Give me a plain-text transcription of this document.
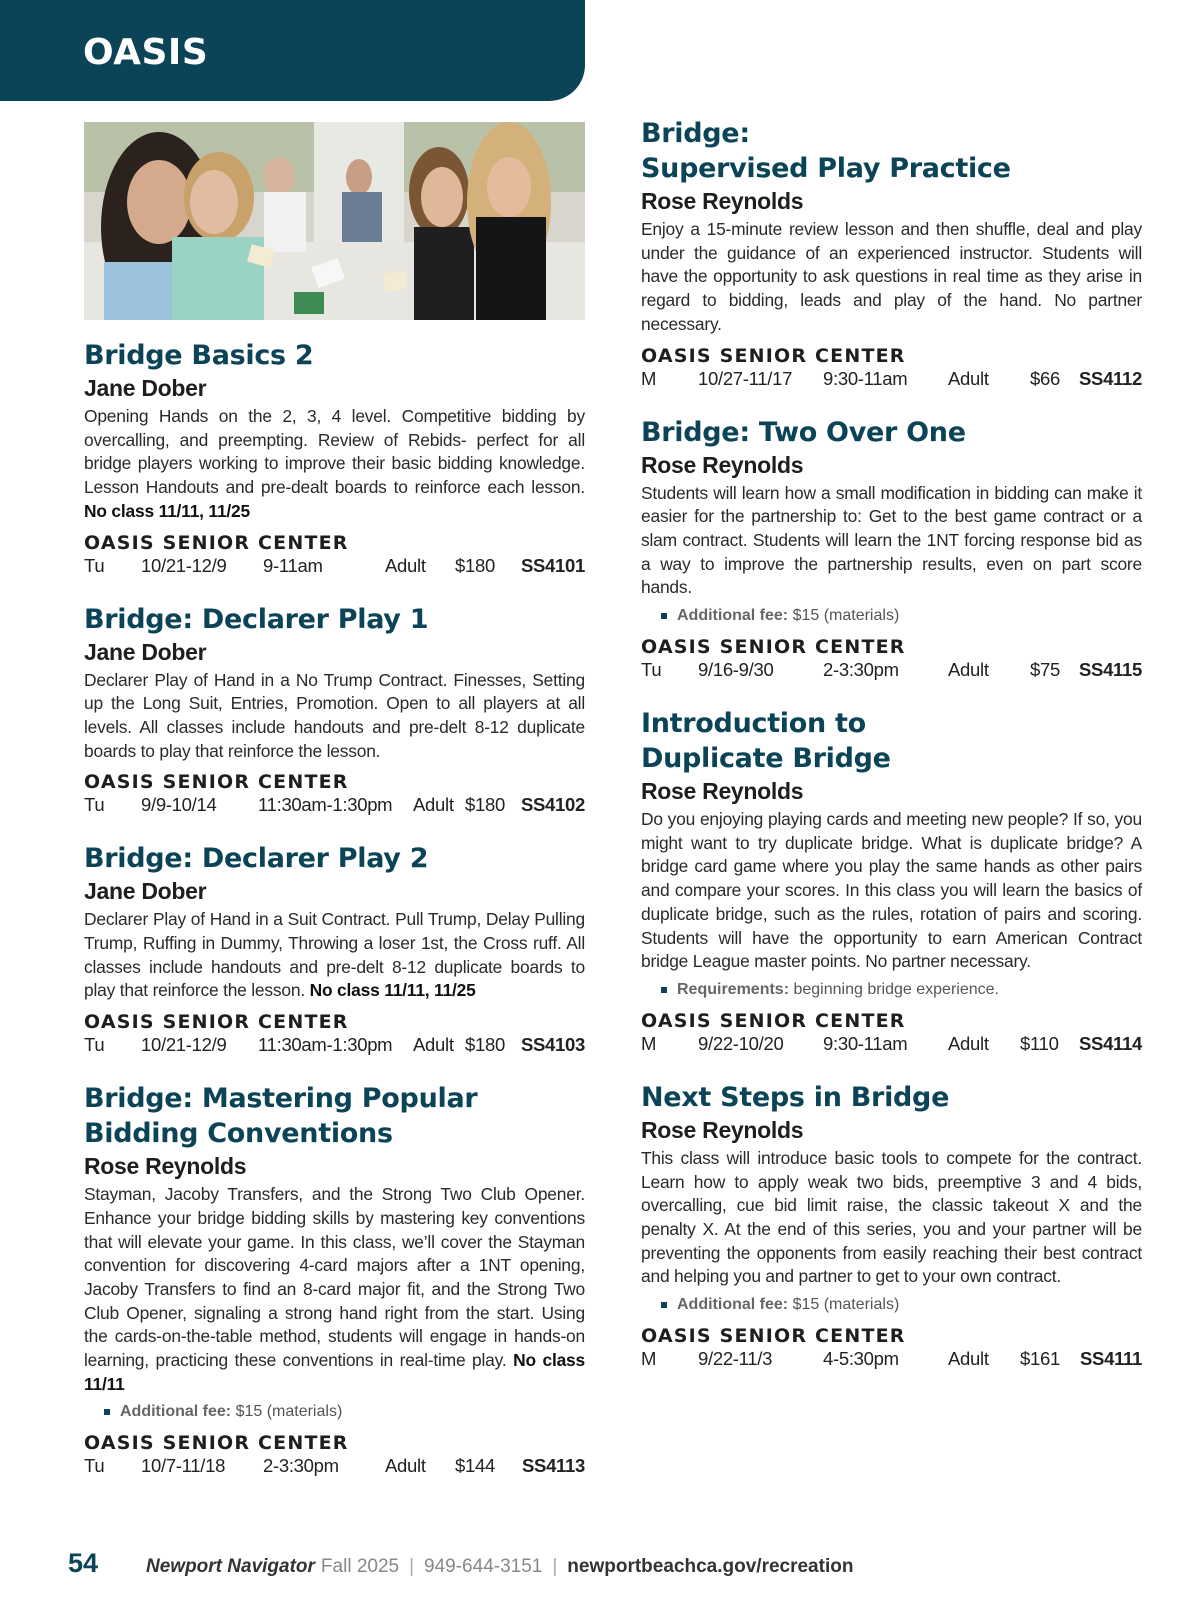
OASIS
Bridge Basics 2
Jane Dober

Opening Hands on the 2, 3, 4 level. Competitive bidding by overcalling, and preempting. Review of Rebids- perfect for all bridge players working to improve their basic bidding knowledge. Lesson Handouts and pre-dealt boards to reinforce each lesson. No class 11/11, 11/25

OASIS SENIOR CENTER
Tu	10/21-12/9	9-11am	Adult	$180	SS4101
Bridge: Declarer Play 1
Jane Dober

Declarer Play of Hand in a No Trump Contract. Finesses, Setting up the Long Suit, Entries, Promotion. Open to all players at all levels. All classes include handouts and pre-delt 8-12 duplicate boards to play that reinforce the lesson.

OASIS SENIOR CENTER
Tu	9/9-10/14	11:30am-1:30pm	Adult $180 SS4102
Bridge: Declarer Play 2
Jane Dober

Declarer Play of Hand in a Suit Contract. Pull Trump, Delay Pulling Trump, Ruffing in Dummy, Throwing a loser 1st, the Cross ruff. All classes include handouts and pre-delt 8-12 duplicate boards to play that reinforce the lesson. No class 11/11, 11/25

OASIS SENIOR CENTER
Tu	10/21-12/9	11:30am-1:30pm	Adult $180 SS4103
Bridge: Mastering Popular Bidding Conventions
Rose Reynolds

Stayman, Jacoby Transfers, and the Strong Two Club Opener. Enhance your bridge bidding skills by mastering key conventions that will elevate your game. In this class, we’ll cover the Stayman convention for discovering 4-card majors after a 1NT opening, Jacoby Transfers to find an 8-card major fit, and the Strong Two Club Opener, signaling a strong hand right from the start. Using the cards-on-the-table method, students will engage in hands-on learning, practicing these conventions in real-time play. No class 11/11

Additional fee: $15 (materials)
OASIS SENIOR CENTER
Tu	10/7-11/18	2-3:30pm	Adult	$144	SS4113
Bridge:
Supervised Play Practice
Rose Reynolds

Enjoy a 15-minute review lesson and then shuffle, deal and play under the guidance of an experienced instructor. Students will have the opportunity to ask questions in real time as they arise in regard to bidding, leads and play of the hand. No partner necessary.

OASIS SENIOR CENTER
M	10/27-11/17	9:30-11am	Adult	$66	SS4112
Bridge: Two Over One
Rose Reynolds

Students will learn how a small modification in bidding can make it easier for the partnership to: Get to the best game contract or a slam contract. Students will learn the 1NT forcing response bid as a way to improve the partnership results, even on part score hands.

Additional fee: $15 (materials)
OASIS SENIOR CENTER
Tu	9/16-9/30	2-3:30pm	Adult	$75	SS4115
Introduction to
Duplicate Bridge
Rose Reynolds

Do you enjoying playing cards and meeting new people? If so, you might want to try duplicate bridge. What is duplicate bridge? A bridge card game where you play the same hands as other pairs and compare your scores. In this class you will learn the basics of duplicate bridge, such as the rules, rotation of pairs and scoring. Students will have the opportunity to earn American Contract bridge League master points. No partner necessary.

Requirements: beginning bridge experience.
OASIS SENIOR CENTER
M	9/22-10/20	9:30-11am	Adult	$110	SS4114
Next Steps in Bridge
Rose Reynolds

This class will introduce basic tools to compete for the contract. Learn how to apply weak two bids, preemptive 3 and 4 bids, overcalling, cue bid limit raise, the classic takeout X and the penalty X. At the end of this series, you and your partner will be preventing the opponents from easily reaching their best contract and helping you and partner to get to your own contract.

Additional fee: $15 (materials)
OASIS SENIOR CENTER
M	9/22-11/3	4-5:30pm	Adult	$161	SS4111
54	Newport Navigator Fall 2025 | 949-644-3151 | newportbeachca.gov/recreation
